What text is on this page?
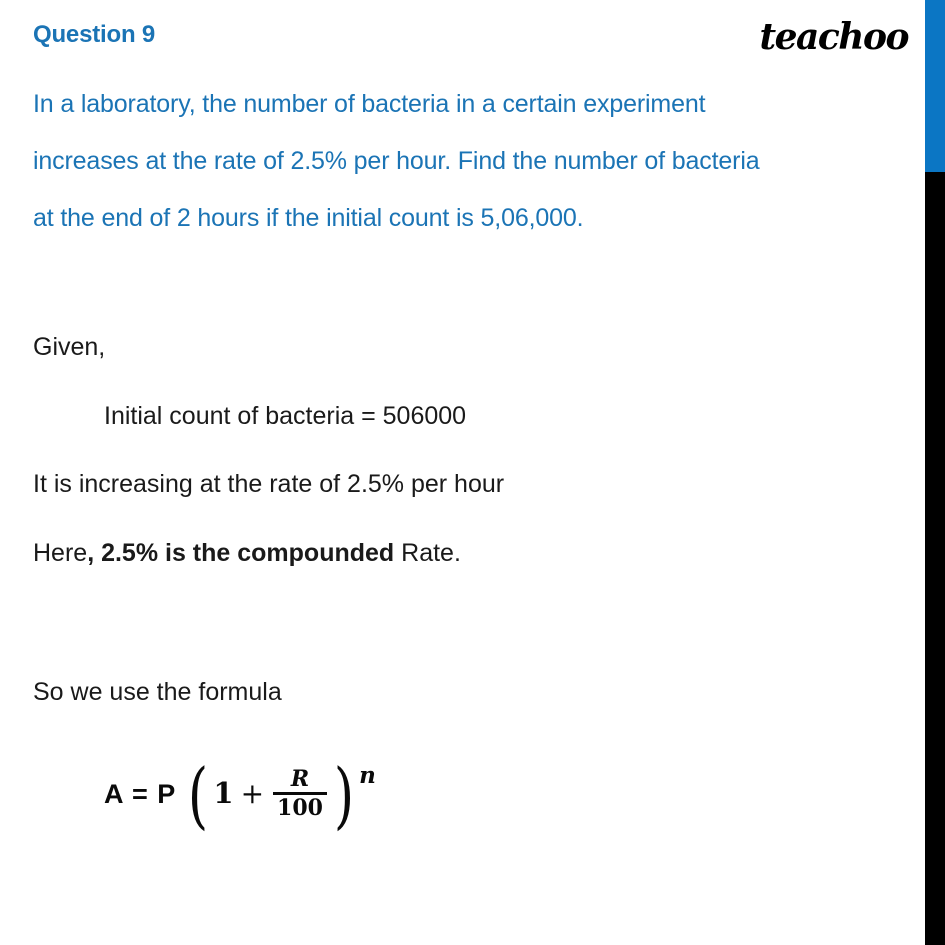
Question 9	teachoo
In a laboratory, the number of bacteria in a certain experiment
increases at the rate of 2.5% per hour. Find the number of bacteria
at the end of 2 hours if the initial count is 5,06,000.
Given,
Initial count of bacteria = 506000
It is increasing at the rate of 2.5% per hour
Here, 2.5% is the compounded Rate.
So we use the formula
A = P ( $1 + \frac{R}{100}$ ) n
